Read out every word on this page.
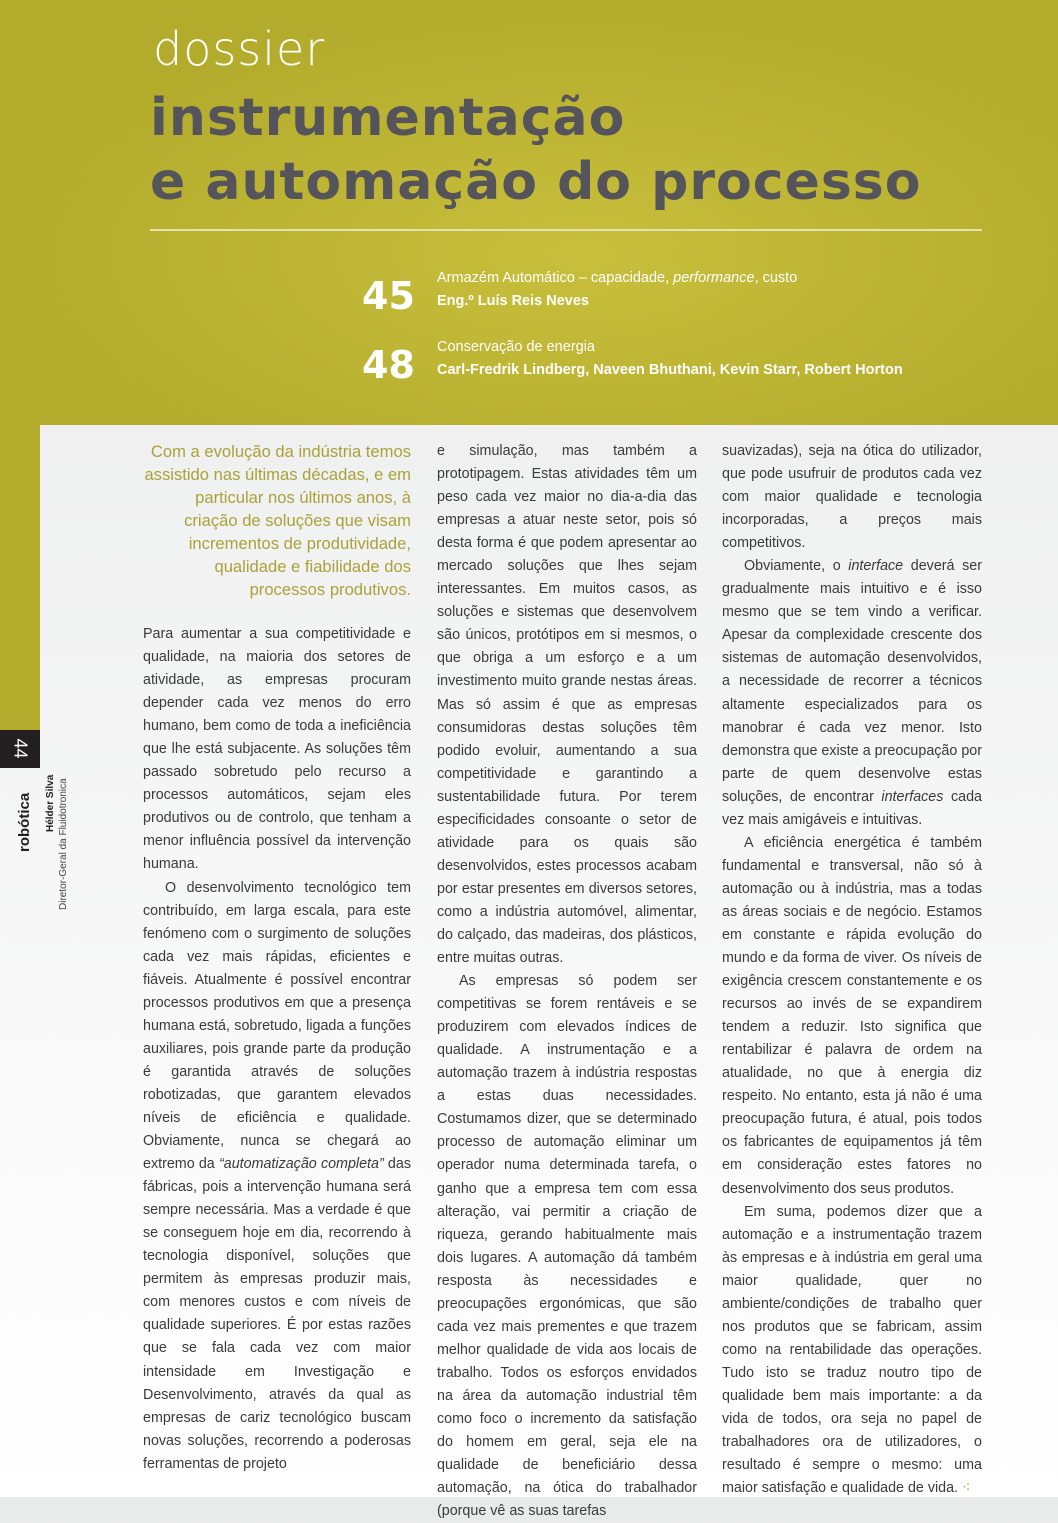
dossier
instrumentação
e automação do processo
45 Armazém Automático – capacidade, performance, custo
Eng.º Luís Reis Neves
48 Conservação de energia
Carl-Fredrik Lindberg, Naveen Bhuthani, Kevin Starr, Robert Horton
44
robótica Hélder Silva Diretor-Geral da Fluidotronica

Com a evolução da indústria temos assistido nas últimas décadas, e em particular nos últimos anos, à criação de soluções que visam incrementos de produtividade, qualidade e fiabilidade dos processos produtivos.

Para aumentar a sua competitividade e qualidade, na maioria dos setores de atividade, as empresas procuram depender cada vez menos do erro humano, bem como de toda a ineficiência que lhe está subjacente. As soluções têm passado sobretudo pelo recurso a processos automáticos, sejam eles produtivos ou de controlo, que tenham a menor influência possível da intervenção humana.

O desenvolvimento tecnológico tem contribuído, em larga escala, para este fenómeno com o surgimento de soluções cada vez mais rápidas, eficientes e fiáveis. Atualmente é possível encontrar processos produtivos em que a presença humana está, sobretudo, ligada a funções auxiliares, pois grande parte da produção é garantida através de soluções robotizadas, que garantem elevados níveis de eficiência e qualidade. Obviamente, nunca se chegará ao extremo da “automatização completa” das fábricas, pois a intervenção humana será sempre necessária. Mas a verdade é que se conseguem hoje em dia, recorrendo à tecnologia disponível, soluções que permitem às empresas produzir mais, com menores custos e com níveis de qualidade superiores. É por estas razões que se fala cada vez com maior intensidade em Investigação e Desenvolvimento, através da qual as empresas de cariz tecnológico buscam novas soluções, recorrendo a poderosas ferramentas de projeto

e simulação, mas também a prototipagem. Estas atividades têm um peso cada vez maior no dia-a-dia das empresas a atuar neste setor, pois só desta forma é que podem apresentar ao mercado soluções que lhes sejam interessantes. Em muitos casos, as soluções e sistemas que desenvolvem são únicos, protótipos em si mesmos, o que obriga a um esforço e a um investimento muito grande nestas áreas. Mas só assim é que as empresas consumidoras destas soluções têm podido evoluir, aumentando a sua competitividade e garantindo a sustentabilidade futura. Por terem especificidades consoante o setor de atividade para os quais são desenvolvidos, estes processos acabam por estar presentes em diversos setores, como a indústria automóvel, alimentar, do calçado, das madeiras, dos plásticos, entre muitas outras.

As empresas só podem ser competitivas se forem rentáveis e se produzirem com elevados índices de qualidade. A instrumentação e a automação trazem à indústria respostas a estas duas necessidades. Costumamos dizer, que se determinado processo de automação eliminar um operador numa determinada tarefa, o ganho que a empresa tem com essa alteração, vai permitir a criação de riqueza, gerando habitualmente mais dois lugares. A automação dá também resposta às necessidades e preocupações ergonómicas, que são cada vez mais prementes e que trazem melhor qualidade de vida aos locais de trabalho. Todos os esforços envidados na área da automação industrial têm como foco o incremento da satisfação do homem em geral, seja ele na qualidade de beneficiário dessa automação, na ótica do trabalhador (porque vê as suas tarefas

suavizadas), seja na ótica do utilizador, que pode usufruir de produtos cada vez com maior qualidade e tecnologia incorporadas, a preços mais competitivos.

Obviamente, o interface deverá ser gradualmente mais intuitivo e é isso mesmo que se tem vindo a verificar. Apesar da complexidade crescente dos sistemas de automação desenvolvidos, a necessidade de recorrer a técnicos altamente especializados para os manobrar é cada vez menor. Isto demonstra que existe a preocupação por parte de quem desenvolve estas soluções, de encontrar interfaces cada vez mais amigáveis e intuitivas.

A eficiência energética é também fundamental e transversal, não só à automação ou à indústria, mas a todas as áreas sociais e de negócio. Estamos em constante e rápida evolução do mundo e da forma de viver. Os níveis de exigência crescem constantemente e os recursos ao invés de se expandirem tendem a reduzir. Isto significa que rentabilizar é palavra de ordem na atualidade, no que à energia diz respeito. No entanto, esta já não é uma preocupação futura, é atual, pois todos os fabricantes de equipamentos já têm em consideração estes fatores no desenvolvimento dos seus produtos.

Em suma, podemos dizer que a automação e a instrumentação trazem às empresas e à indústria em geral uma maior qualidade, quer no ambiente/condições de trabalho quer nos produtos que se fabricam, assim como na rentabilidade das operações. Tudo isto se traduz noutro tipo de qualidade bem mais importante: a da vida de todos, ora seja no papel de trabalhadores ora de utilizadores, o resultado é sempre o mesmo: uma maior satisfação e qualidade de vida. ⁖
